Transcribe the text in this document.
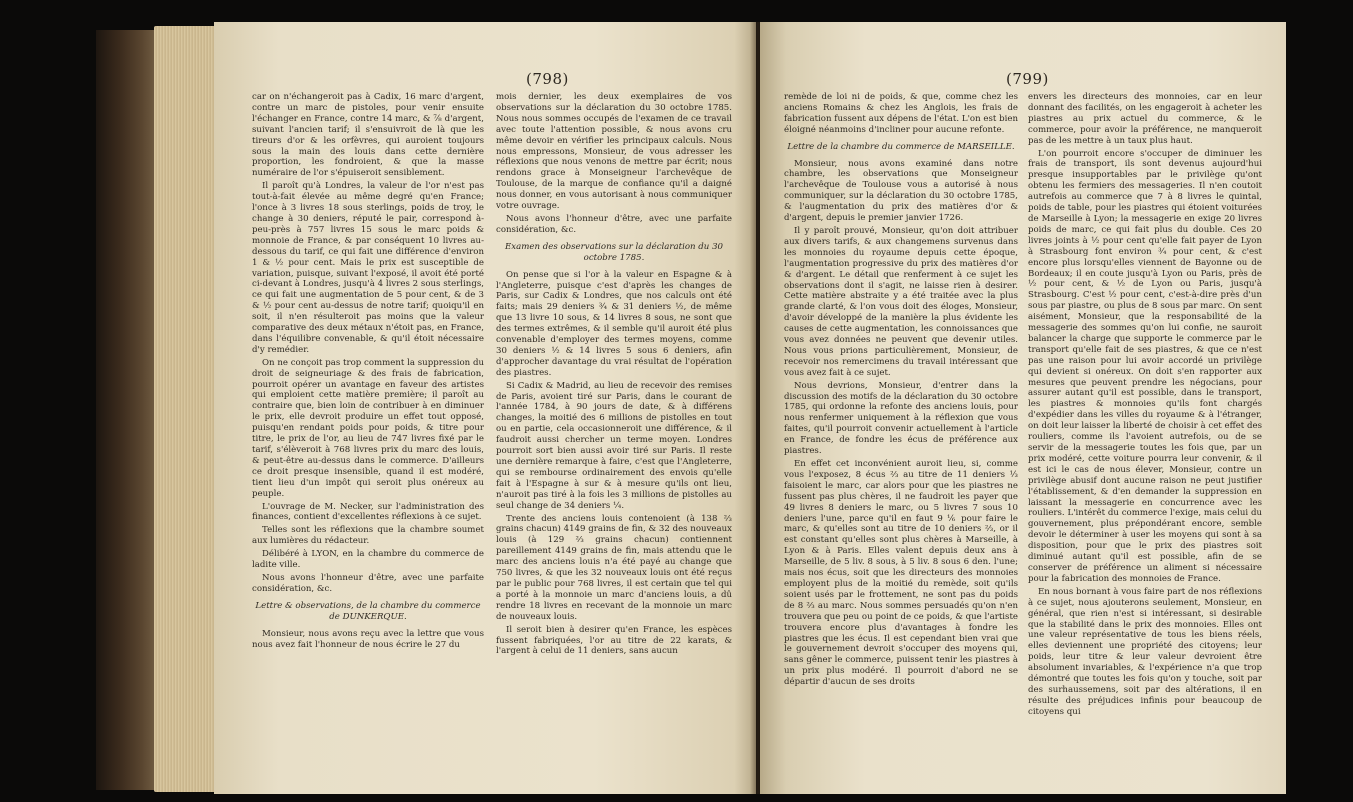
(798)

car on n'échangeroit pas à Cadix, 16 marc d'argent, contre un marc de pistoles, pour venir ensuite l'échanger en France, contre 14 marc, & ⅞ d'argent, suivant l'ancien tarif; il s'ensuivroit de là que les tireurs d'or & les orfèvres, qui auroient toujours sous la main des louis dans cette dernière proportion, les fondroient, & que la masse numéraire de l'or s'épuiseroit sensiblement.

Il paroît qu'à Londres, la valeur de l'or n'est pas tout-à-fait élevée au même degré qu'en France; l'once à 3 livres 18 sous sterlings, poids de troy, le change à 30 deniers, réputé le pair, correspond à-peu-près à 757 livres 15 sous le marc poids & monnoie de France, & par conséquent 10 livres au-dessous du tarif, ce qui fait une différence d'environ 1 & ½ pour cent. Mais le prix est susceptible de variation, puisque, suivant l'exposé, il avoit été porté ci-devant à Londres, jusqu'à 4 livres 2 sous sterlings, ce qui fait une augmentation de 5 pour cent, & de 3 & ½ pour cent au-dessus de notre tarif; quoiqu'il en soit, il n'en résulteroit pas moins que la valeur comparative des deux métaux n'étoit pas, en France, dans l'équilibre convenable, & qu'il étoit nécessaire d'y remédier.

On ne conçoit pas trop comment la suppression du droit de seigneuriage & des frais de fabrication, pourroit opérer un avantage en faveur des artistes qui emploient cette matière première; il paroît au contraire que, bien loin de contribuer à en diminuer le prix, elle devroit produire un effet tout opposé, puisqu'en rendant poids pour poids, & titre pour titre, le prix de l'or, au lieu de 747 livres fixé par le tarif, s'élèveroit à 768 livres prix du marc des louis, & peut-être au-dessus dans le commerce. D'ailleurs ce droit presque insensible, quand il est modéré, tient lieu d'un impôt qui seroit plus onéreux au peuple.

L'ouvrage de M. Necker, sur l'administration des finances, contient d'excellentes réflexions à ce sujet.

Telles sont les réflexions que la chambre soumet aux lumières du rédacteur.

Délibéré à LYON, en la chambre du commerce de ladite ville.

Nous avons l'honneur d'être, avec une parfaite considération, &c.

Lettre & observations, de la chambre du commerce de DUNKERQUE.

Monsieur, nous avons reçu avec la lettre que vous nous avez fait l'honneur de nous écrire le 27 du

mois dernier, les deux exemplaires de vos observations sur la déclaration du 30 octobre 1785. Nous nous sommes occupés de l'examen de ce travail avec toute l'attention possible, & nous avons cru même devoir en vérifier les principaux calculs. Nous nous empressons, Monsieur, de vous adresser les réflexions que nous venons de mettre par écrit; nous rendons grace à Monseigneur l'archevêque de Toulouse, de la marque de confiance qu'il a daigné nous donner, en vous autorisant à nous communiquer votre ouvrage.

Nous avons l'honneur d'être, avec une parfaite considération, &c.

Examen des observations sur la déclaration du 30 octobre 1785.

On pense que si l'or à la valeur en Espagne & à l'Angleterre, puisque c'est d'après les changes de Paris, sur Cadix & Londres, que nos calculs ont été faits; mais 29 deniers ¾ & 31 deniers ½, de même que 13 livre 10 sous, & 14 livres 8 sous, ne sont que des termes extrêmes, & il semble qu'il auroit été plus convenable d'employer des termes moyens, comme 30 deniers ½ & 14 livres 5 sous 6 deniers, afin d'approcher davantage du vrai résultat de l'opération des piastres.

Si Cadix & Madrid, au lieu de recevoir des remises de Paris, avoient tiré sur Paris, dans le courant de l'année 1784, à 90 jours de date, & à différens changes, la moitié des 6 millions de pistolles en tout ou en partie, cela occasionneroit une différence, & il faudroit aussi chercher un terme moyen. Londres pourroit sort bien aussi avoir tiré sur Paris. Il reste une dernière remarque à faire, c'est que l'Angleterre, qui se rembourse ordinairement des envois qu'elle fait à l'Espagne à sur & à mesure qu'ils ont lieu, n'auroit pas tiré à la fois les 3 millions de pistolles au seul change de 34 deniers ¼.

Trente des anciens louis contenoient (à 138 ⅔ grains chacun) 4149 grains de fin, & 32 des nouveaux louis (à 129 ⅔ grains chacun) contiennent pareillement 4149 grains de fin, mais attendu que le marc des anciens louis n'a été payé au change que 750 livres, & que les 32 nouveaux louis ont été reçus par le public pour 768 livres, il est certain que tel qui a porté à la monnoie un marc d'anciens louis, a dû rendre 18 livres en recevant de la monnoie un marc de nouveaux louis.

Il seroit bien à desirer qu'en France, les espèces fussent fabriquées, l'or au titre de 22 karats, & l'argent à celui de 11 deniers, sans aucun

(799)

remède de loi ni de poids, & que, comme chez les anciens Romains & chez les Anglois, les frais de fabrication fussent aux dépens de l'état. L'on est bien éloigné néanmoins d'incliner pour aucune refonte.

Lettre de la chambre du commerce de MARSEILLE.

Monsieur, nous avons examiné dans notre chambre, les observations que Monseigneur l'archevêque de Toulouse vous a autorisé à nous communiquer, sur la déclaration du 30 octobre 1785, & l'augmentation du prix des matières d'or & d'argent, depuis le premier janvier 1726.

Il y paroît prouvé, Monsieur, qu'on doit attribuer aux divers tarifs, & aux changemens survenus dans les monnoies du royaume depuis cette époque, l'augmentation progressive du prix des matières d'or & d'argent. Le détail que renferment à ce sujet les observations dont il s'agit, ne laisse rien à desirer. Cette matière abstraite y a été traitée avec la plus grande clarté, & l'on vous doit des éloges, Monsieur, d'avoir développé de la manière la plus évidente les causes de cette augmentation, les connoissances que vous avez données ne peuvent que devenir utiles. Nous vous prions particulièrement, Monsieur, de recevoir nos remercimens du travail intéressant que vous avez fait à ce sujet.

Nous devrions, Monsieur, d'entrer dans la discussion des motifs de la déclaration du 30 octobre 1785, qui ordonne la refonte des anciens louis, pour nous renfermer uniquement à la réflexion que vous faites, qu'il pourroit convenir actuellement à l'article en France, de fondre les écus de préférence aux piastres.

En effet cet inconvénient auroit lieu, si, comme vous l'exposez, 8 écus ⅔ au titre de 11 deniers ⅓ faisoient le marc, car alors pour que les piastres ne fussent pas plus chères, il ne faudroit les payer que 49 livres 8 deniers le marc, ou 5 livres 7 sous 10 deniers l'une, parce qu'il en faut 9 ⅙ pour faire le marc, & qu'elles sont au titre de 10 deniers ⅔, or il est constant qu'elles sont plus chères à Marseille, à Lyon & à Paris. Elles valent depuis deux ans à Marseille, de 5 liv. 8 sous, à 5 liv. 8 sous 6 den. l'une; mais nos écus, soit que les directeurs des monnoies employent plus de la moitié du remède, soit qu'ils soient usés par le frottement, ne sont pas du poids de 8 ⅔ au marc. Nous sommes persuadés qu'on n'en trouvera que peu ou point de ce poids, & que l'artiste trouvera encore plus d'avantages à fondre les piastres que les écus. Il est cependant bien vrai que le gouvernement devroit s'occuper des moyens qui, sans gêner le commerce, puissent tenir les piastres à un prix plus modéré. Il pourroit d'abord ne se départir d'aucun de ses droits

envers les directeurs des monnoies, car en leur donnant des facilités, on les engageroit à acheter les piastres au prix actuel du commerce, & le commerce, pour avoir la préférence, ne manqueroit pas de les mettre à un taux plus haut.

L'on pourroit encore s'occuper de diminuer les frais de transport, ils sont devenus aujourd'hui presque insupportables par le privilège qu'ont obtenu les fermiers des messageries. Il n'en coutoit autrefois au commerce que 7 à 8 livres le quintal, poids de table, pour les piastres qui étoient voiturées de Marseille à Lyon; la messagerie en exige 20 livres poids de marc, ce qui fait plus du double. Ces 20 livres joints à ½ pour cent qu'elle fait payer de Lyon à Strasbourg font environ ¾ pour cent, & c'est encore plus lorsqu'elles viennent de Bayonne ou de Bordeaux; il en coute jusqu'à Lyon ou Paris, près de ½ pour cent, & ½ de Lyon ou Paris, jusqu'à Strasbourg. C'est ½ pour cent, c'est-à-dire près d'un sous par piastre, ou plus de 8 sous par marc. On sent aisément, Monsieur, que la responsabilité de la messagerie des sommes qu'on lui confie, ne sauroit balancer la charge que supporte le commerce par le transport qu'elle fait de ses piastres, & que ce n'est pas une raison pour lui avoir accordé un privilège qui devient si onéreux. On doit s'en rapporter aux mesures que peuvent prendre les négocians, pour assurer autant qu'il est possible, dans le transport, les piastres & monnoies qu'ils font chargés d'expédier dans les villes du royaume & à l'étranger, on doit leur laisser la liberté de choisir à cet effet des rouliers, comme ils l'avoient autrefois, ou de se servir de la messagerie toutes les fois que, par un prix modéré, cette voiture pourra leur convenir, & il est ici le cas de nous élever, Monsieur, contre un privilège abusif dont aucune raison ne peut justifier l'établissement, & d'en demander la suppression en laissant la messagerie en concurrence avec les rouliers. L'intérêt du commerce l'exige, mais celui du gouvernement, plus prépondérant encore, semble devoir le déterminer à user les moyens qui sont à sa disposition, pour que le prix des piastres soit diminué autant qu'il est possible, afin de se conserver de préférence un aliment si nécessaire pour la fabrication des monnoies de France.

En nous bornant à vous faire part de nos réflexions à ce sujet, nous ajouterons seulement, Monsieur, en général, que rien n'est si intéressant, si desirable que la stabilité dans le prix des monnoies. Elles ont une valeur représentative de tous les biens réels, elles deviennent une propriété des citoyens; leur poids, leur titre & leur valeur devroient être absolument invariables, & l'expérience n'a que trop démontré que toutes les fois qu'on y touche, soit par des surhaussemens, soit par des altérations, il en résulte des préjudices infinis pour beaucoup de citoyens qui
